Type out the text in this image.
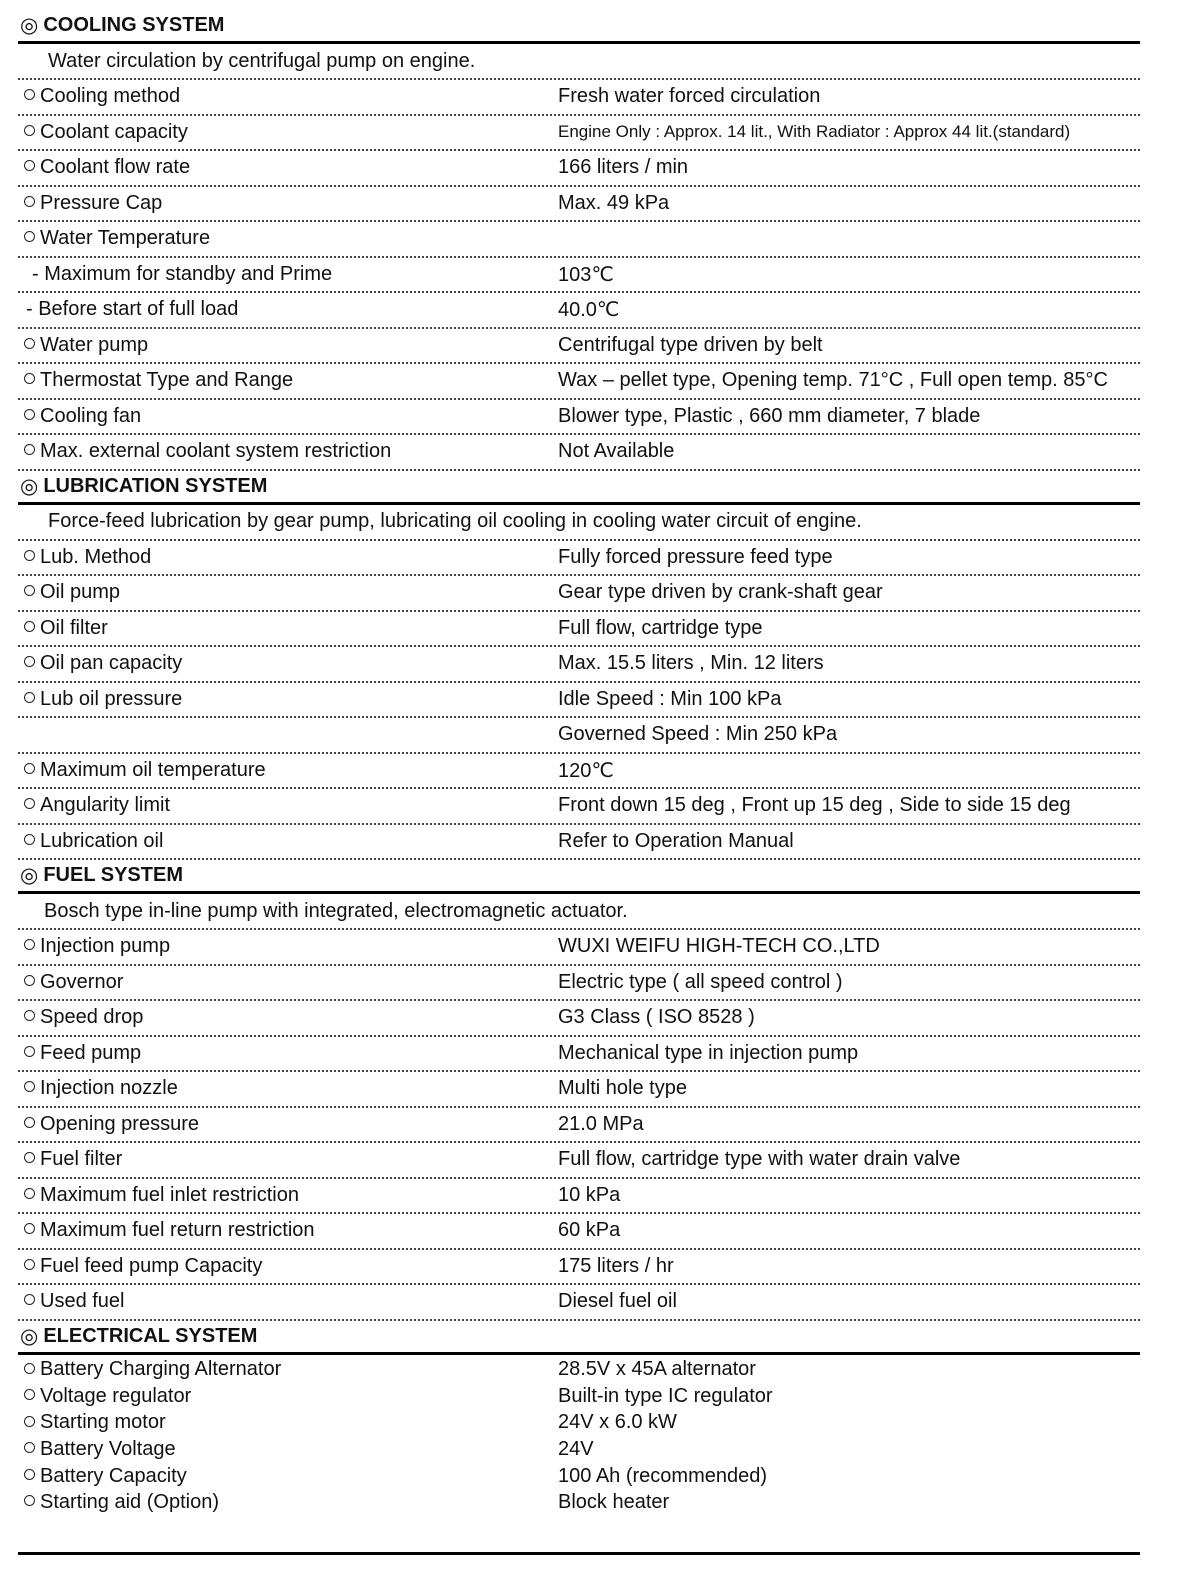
◎ COOLING SYSTEM
Water circulation by centrifugal pump on engine.
Cooling method	Fresh water forced circulation
Coolant capacity	Engine Only : Approx. 14 lit., With Radiator : Approx 44 lit.(standard)
Coolant flow rate	166 liters / min
Pressure Cap	Max. 49 kPa
Water Temperature
- Maximum for standby and Prime	103℃
- Before start of full load	40.0℃
Water pump	Centrifugal type driven by belt
Thermostat Type and Range	Wax – pellet type, Opening temp. 71°C , Full open temp. 85°C
Cooling fan	Blower type, Plastic , 660 mm diameter, 7 blade
Max. external coolant system restriction	Not Available
◎ LUBRICATION SYSTEM
Force-feed lubrication by gear pump, lubricating oil cooling in cooling water circuit of engine.
Lub. Method	Fully forced pressure feed type
Oil pump	Gear type driven by crank-shaft gear
Oil filter	Full flow, cartridge type
Oil pan capacity	Max. 15.5 liters , Min. 12 liters
Lub oil pressure	Idle Speed : Min 100 kPa
Governed Speed : Min 250 kPa
Maximum oil temperature	120℃
Angularity limit	Front down 15 deg , Front up 15 deg , Side to side 15 deg
Lubrication oil	Refer to Operation Manual
◎ FUEL SYSTEM
Bosch type in-line pump with integrated, electromagnetic actuator.
Injection pump	WUXI WEIFU HIGH-TECH CO.,LTD
Governor	Electric type ( all speed control )
Speed drop	G3 Class ( ISO 8528 )
Feed pump	Mechanical type in injection pump
Injection nozzle	Multi hole type
Opening pressure	21.0 MPa
Fuel filter	Full flow, cartridge type with water drain valve
Maximum fuel inlet restriction	10 kPa
Maximum fuel return restriction	60 kPa
Fuel feed pump Capacity	175 liters / hr
Used fuel	Diesel fuel oil
◎ ELECTRICAL SYSTEM
Battery Charging Alternator	28.5V x 45A alternator
Voltage regulator	Built-in type IC regulator
Starting motor	24V x 6.0 kW
Battery Voltage	24V
Battery Capacity	100 Ah (recommended)
Starting aid (Option)	Block heater
